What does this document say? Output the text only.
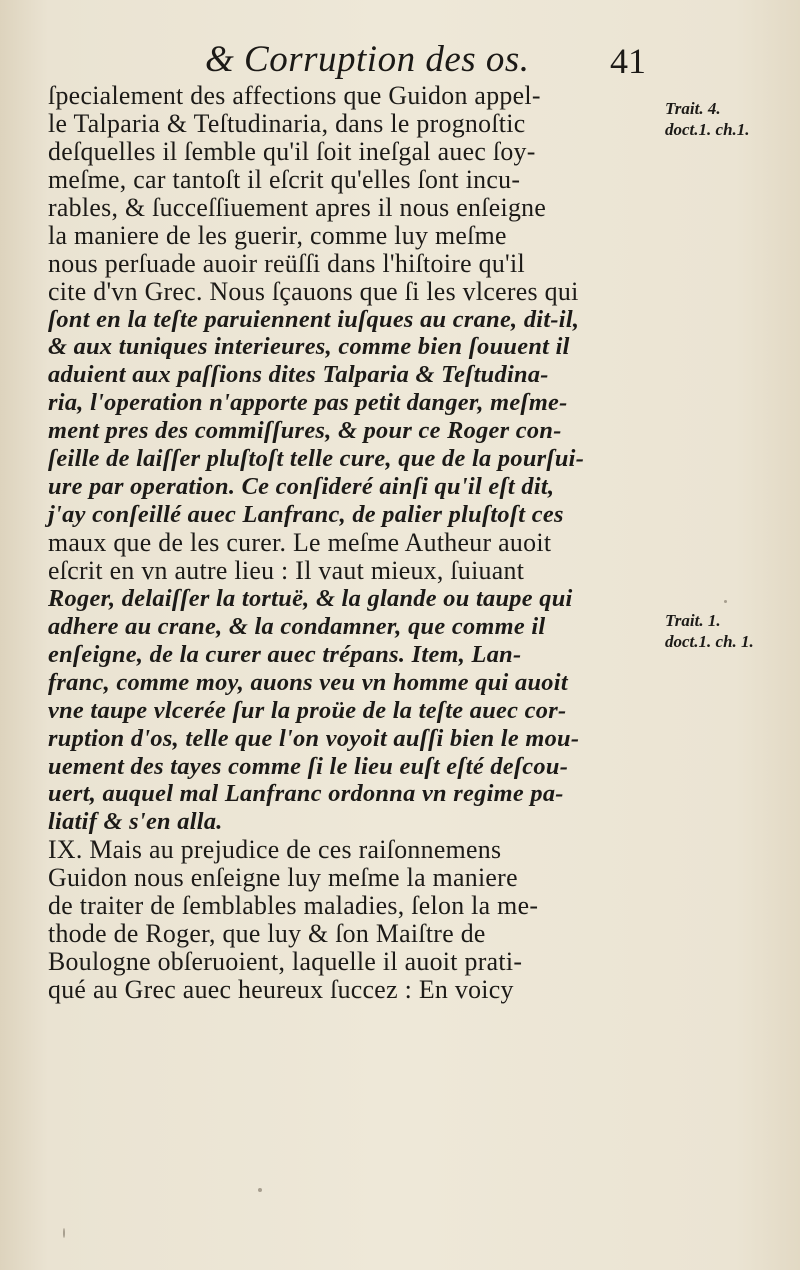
& Corruption des os. 41
ſpecialement des affections que Guidon appel-
le Talparia & Teſtudinaria, dans le prognoſtic
deſquelles il ſemble qu'il ſoit ineſgal auec ſoy-
meſme, car tantoſt il eſcrit qu'elles ſont incu-
rables, & ſucceſſiuement apres il nous enſeigne
la maniere de les guerir, comme luy meſme
nous perſuade auoir reüſſi dans l'hiſtoire qu'il
cite d'vn Grec. Nous ſçauons que ſi les vlceres qui
ſont en la teſte paruiennent iuſques au crane, dit-il,
& aux tuniques interieures, comme bien ſouuent il
aduient aux paſſions dites Talparia & Teſtudina-
ria, l'operation n'apporte pas petit danger, meſme-
ment pres des commiſſures, & pour ce Roger con-
ſeille de laiſſer pluſtoſt telle cure, que de la pourſui-
ure par operation. Ce conſideré ainſi qu'il eſt dit,
j'ay conſeillé auec Lanfranc, de palier pluſtoſt ces
maux que de les curer. Le meſme Autheur auoit
eſcrit en vn autre lieu : Il vaut mieux, ſuiuant
Roger, delaiſſer la tortuë, & la glande ou taupe qui
adhere au crane, & la condamner, que comme il
enſeigne, de la curer auec trépans. Item, Lan-
franc, comme moy, auons veu vn homme qui auoit
vne taupe vlcerée ſur la proüe de la teſte auec cor-
ruption d'os, telle que l'on voyoit auſſi bien le mou-
uement des tayes comme ſi le lieu euſt eſté deſcou-
uert, auquel mal Lanfranc ordonna vn regime pa-
liatif & s'en alla.
IX. Mais au prejudice de ces raiſonnemens
Guidon nous enſeigne luy meſme la maniere
de traiter de ſemblables maladies, ſelon la me-
thode de Roger, que luy & ſon Maiſtre de
Boulogne obſeruoient, laquelle il auoit prati-
qué au Grec auec heureux ſuccez : En voicy
Trait. 4.
doct.1. ch.1.
Trait. 1.
doct.1. ch. 1.
